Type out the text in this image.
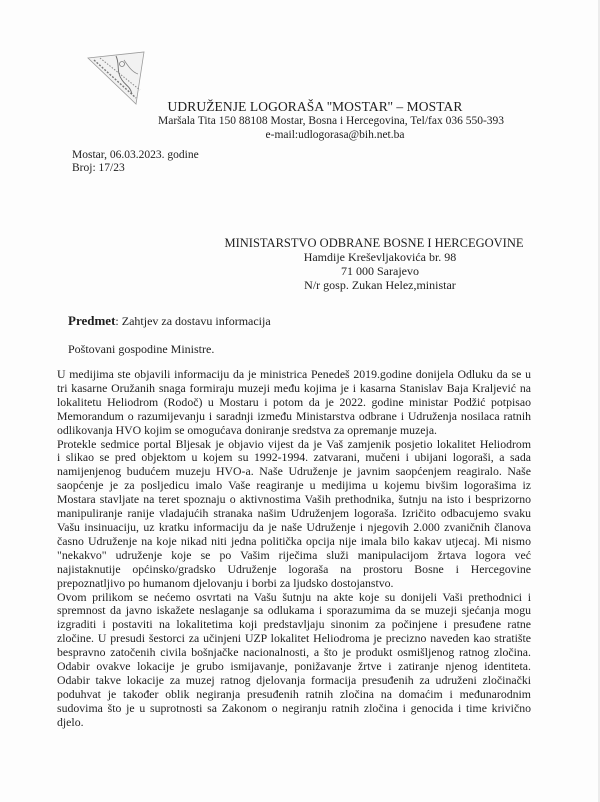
UDRUŽENJE LOGORAŠA ''MOSTAR'' – MOSTAR
Maršala Tita 150 88108 Mostar, Bosna i Hercegovina, Tel/fax 036 550-393
e-mail:udlogorasa@bih.net.ba
Mostar, 06.03.2023. godine
Broj: 17/23
MINISTARSTVO ODBRANE BOSNE I HERCEGOVINE
Hamdije Kreševljakovića br. 98
71 000 Sarajevo
N/r gosp. Zukan Helez,ministar
Predmet: Zahtjev za dostavu informacija
Poštovani gospodine Ministre.
U medijima ste objavili informaciju da je ministrica Penedeš 2019.godine donijela Odluku da se u
tri kasarne Oružanih snaga formiraju muzeji među kojima je i kasarna Stanislav Baja Kraljević na
lokalitetu Heliodrom (Rodoč) u Mostaru i potom da je 2022. godine ministar Podžić potpisao
Memorandum o razumijevanju i saradnji između Ministarstva odbrane i Udruženja nosilaca ratnih
odlikovanja HVO kojim se omogućava doniranje sredstva za opremanje muzeja.
Protekle sedmice portal Bljesak je objavio vijest da je Vaš zamjenik posjetio lokalitet Heliodrom
i slikao se pred objektom u kojem su 1992-1994. zatvarani, mučeni i ubijani logoraši, a sada
namijenjenog budućem muzeju HVO-a. Naše Udruženje je javnim saopćenjem reagiralo. Naše
saopćenje je za posljedicu imalo Vaše reagiranje u medijima u kojemu bivšim logorašima iz
Mostara stavljate na teret spoznaju o aktivnostima Vaših prethodnika, šutnju na isto i besprizorno
manipuliranje ranije vladajućih stranaka našim Udruženjem logoraša. Izričito odbacujemo svaku
Vašu insinuaciju, uz kratku informaciju da je naše Udruženje i njegovih 2.000 zvaničnih članova
časno Udruženje na koje nikad niti jedna politička opcija nije imala bilo kakav utjecaj. Mi nismo
"nekakvo" udruženje koje se po Vašim riječima služi manipulacijom žrtava logora već
najistaknutije općinsko/gradsko Udruženje logoraša na prostoru Bosne i Hercegovine
prepoznatljivo po humanom djelovanju i borbi za ljudsko dostojanstvo.
Ovom prilikom se nećemo osvrtati na Vašu šutnju na akte koje su donijeli Vaši prethodnici i
spremnost da javno iskažete neslaganje sa odlukama i sporazumima da se muzeji sjećanja mogu
izgraditi i postaviti na lokalitetima koji predstavljaju sinonim za počinjene i presuđene ratne
zločine. U presudi šestorci za učinjeni UZP lokalitet Heliodroma je precizno naveden kao stratište
bespravno zatočenih civila bošnjačke nacionalnosti, a što je produkt osmišljenog ratnog zločina.
Odabir ovakve lokacije je grubo ismijavanje, ponižavanje žrtve i zatiranje njenog identiteta.
Odabir takve lokacije za muzej ratnog djelovanja formacija presuđenih za udruženi zločinački
poduhvat je također oblik negiranja presuđenih ratnih zločina na domaćim i međunarodnim
sudovima što je u suprotnosti sa Zakonom o negiranju ratnih zločina i genocida i time krivično
djelo.
